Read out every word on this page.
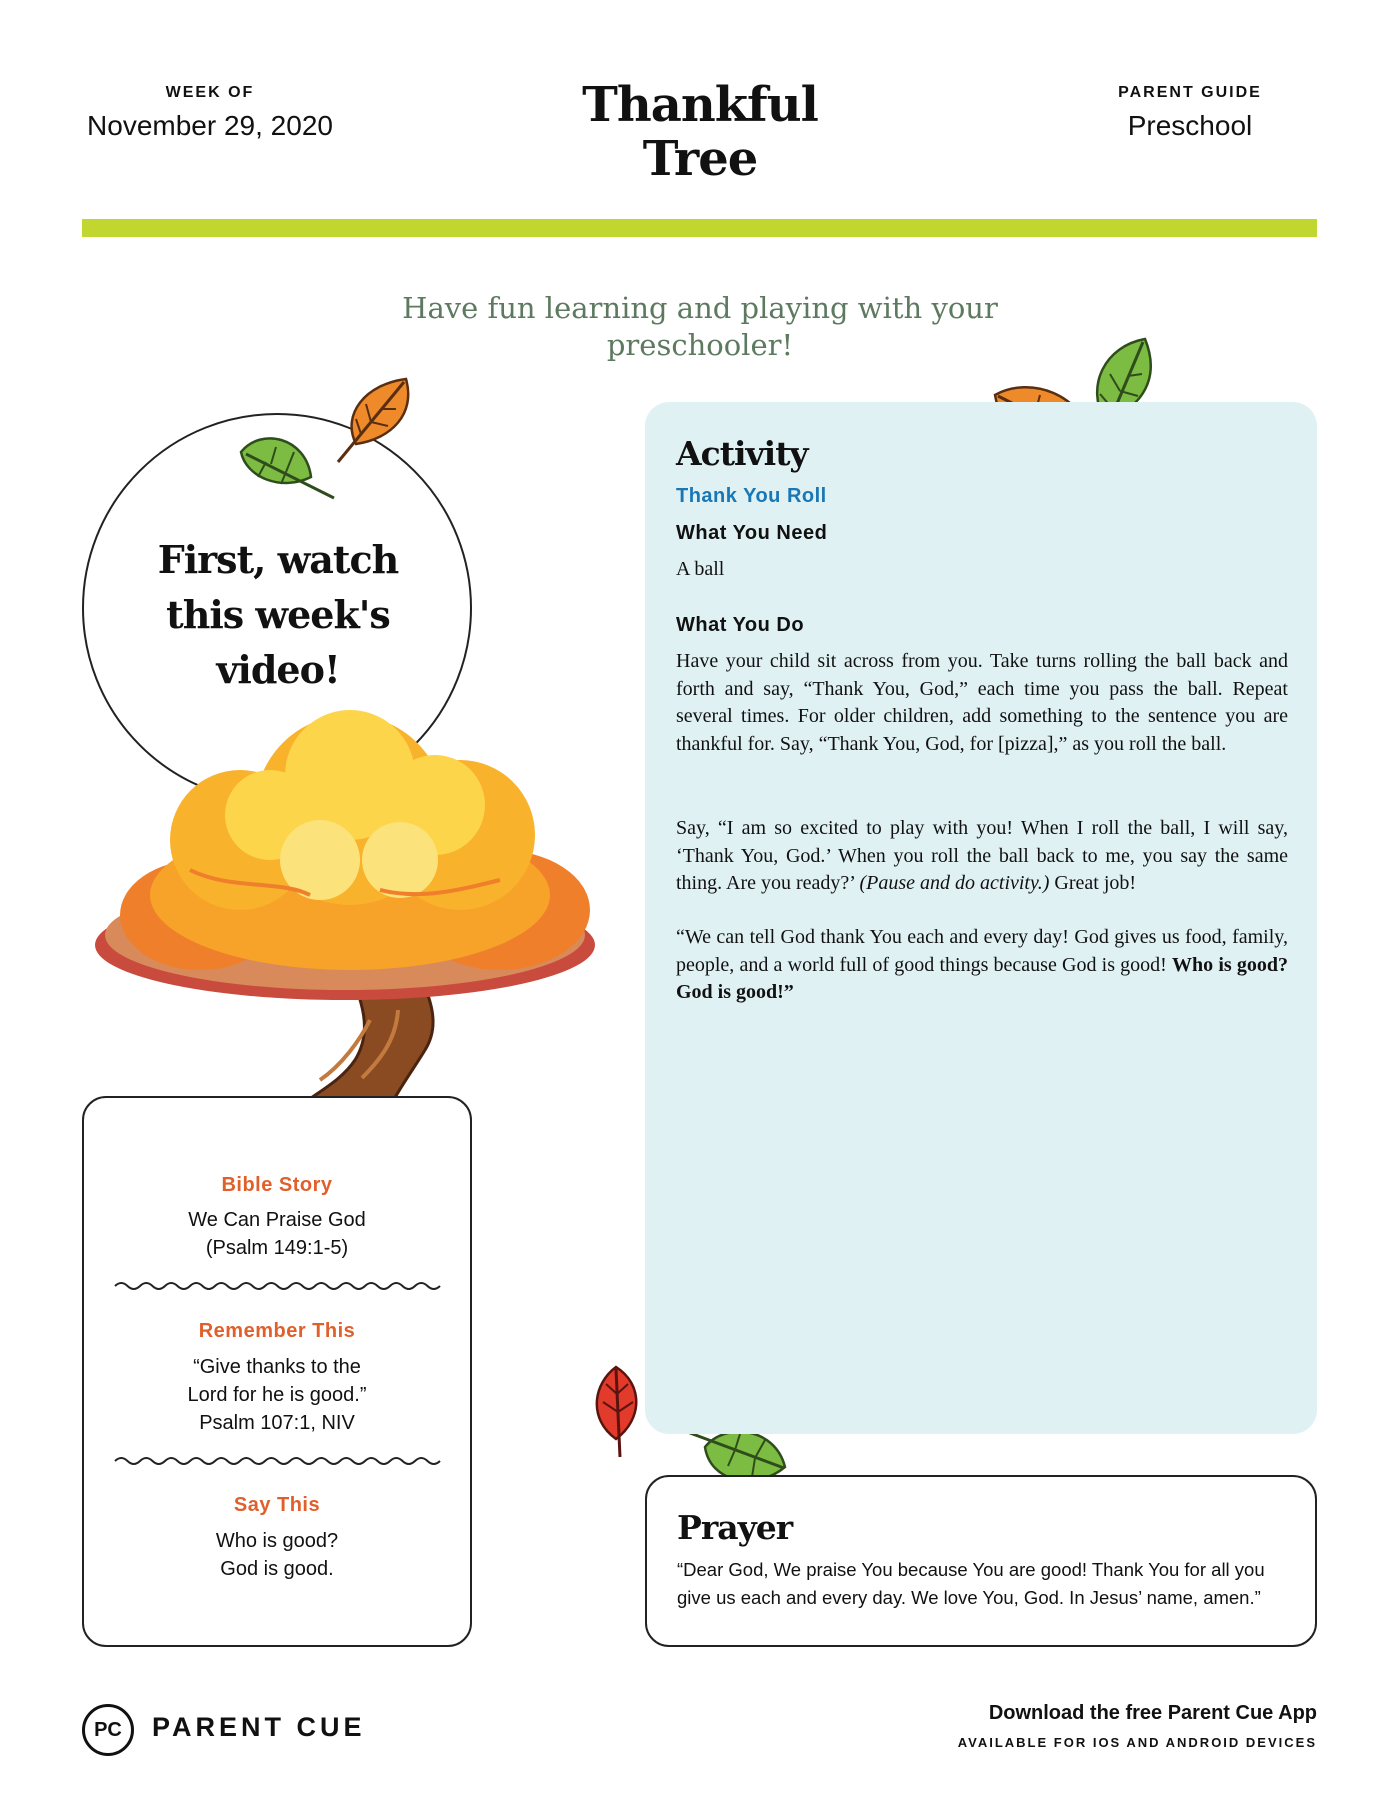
WEEK OF
November 29, 2020	Thankful Tree
PARENT GUIDE
Preschool
Have fun learning and playing with your preschooler!
First, watch this week's video!
Activity
Thank You Roll
What You Need
A ball
What You Do
Have your child sit across from you. Take turns rolling the ball back and forth and say, “Thank You, God,” each time you pass the ball. Repeat several times. For older children, add something to the sentence you are thankful for. Say, “Thank You, God, for [pizza],” as you roll the ball.
Say, “I am so excited to play with you! When I roll the ball, I will say, ‘Thank You, God.’ When you roll the ball back to me, you say the same thing. Are you ready?’ (Pause and do activity.) Great job!
“We can tell God thank You each and every day! God gives us food, family, people, and a world full of good things because God is good! Who is good? God is good!”
Bible Story
We Can Praise God
(Psalm 149:1-5)
Remember This
“Give thanks to the
Lord for he is good.”
Psalm 107:1, NIV
Say This
Who is good?
God is good.
Prayer
“Dear God, We praise You because You are good! Thank You for all you give us each and every day. We love You, God. In Jesus’ name, amen.”
PC	PARENT CUE	Download the free Parent Cue App
AVAILABLE FOR IOS AND ANDROID DEVICES
